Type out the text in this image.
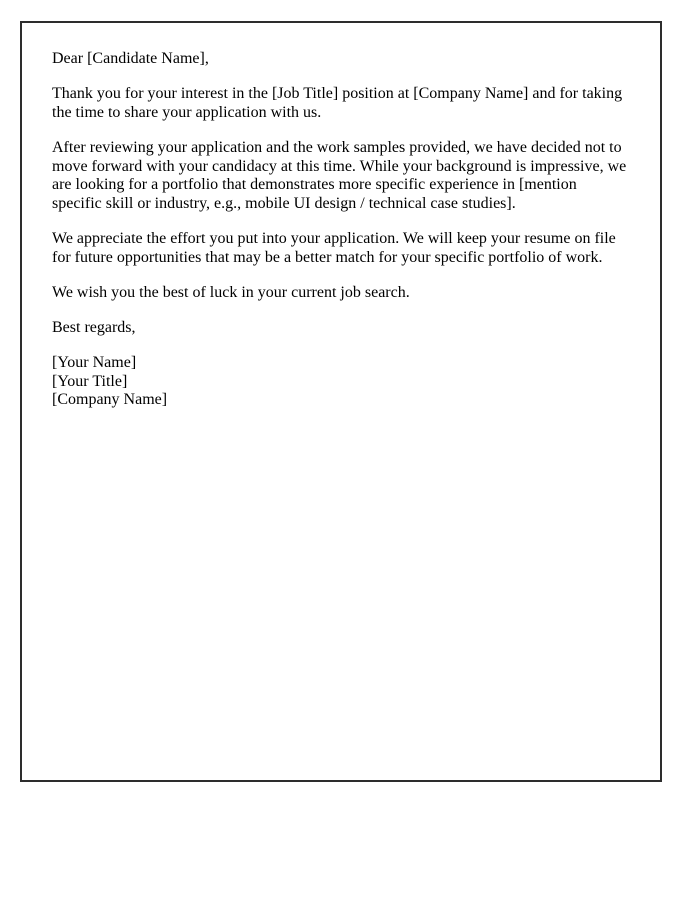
Dear [Candidate Name],

Thank you for your interest in the [Job Title] position at [Company Name] and for taking the time to share your application with us.

After reviewing your application and the work samples provided, we have decided not to move forward with your candidacy at this time. While your background is impressive, we are looking for a portfolio that demonstrates more specific experience in [mention specific skill or industry, e.g., mobile UI design / technical case studies].

We appreciate the effort you put into your application. We will keep your resume on file for future opportunities that may be a better match for your specific portfolio of work.

We wish you the best of luck in your current job search.

Best regards,

[Your Name]
[Your Title]
[Company Name]
